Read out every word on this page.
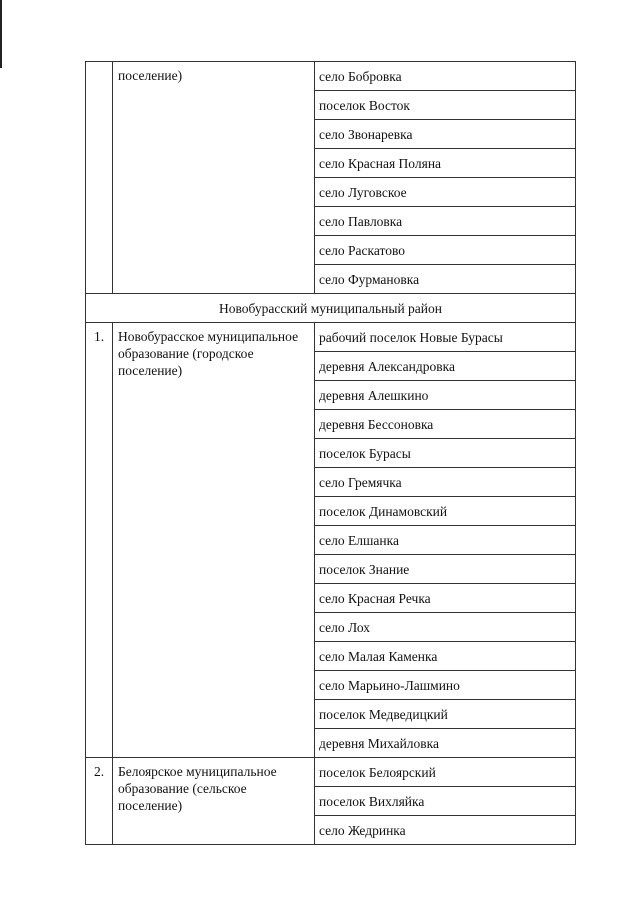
	поселение)	село Бобровка
		поселок Восток
		село Звонаревка
		село Красная Поляна
		село Луговское
		село Павловка
		село Раскатово
		село Фурмановка
Новобурасский муниципальный район		
1.	Новобурасское муниципальное образование (городское поселение)	рабочий поселок Новые Бурасы
		деревня Александровка
		деревня Алешкино
		деревня Бессоновка
		поселок Бурасы
		село Гремячка
		поселок Динамовский
		село Елшанка
		поселок Знание
		село Красная Речка
		село Лох
		село Малая Каменка
		село Марьино-Лашмино
		поселок Медведицкий
		деревня Михайловка
2.	Белоярское муниципальное образование (сельское поселение)	поселок Белоярский
		поселок Вихляйка
		село Жедринка
